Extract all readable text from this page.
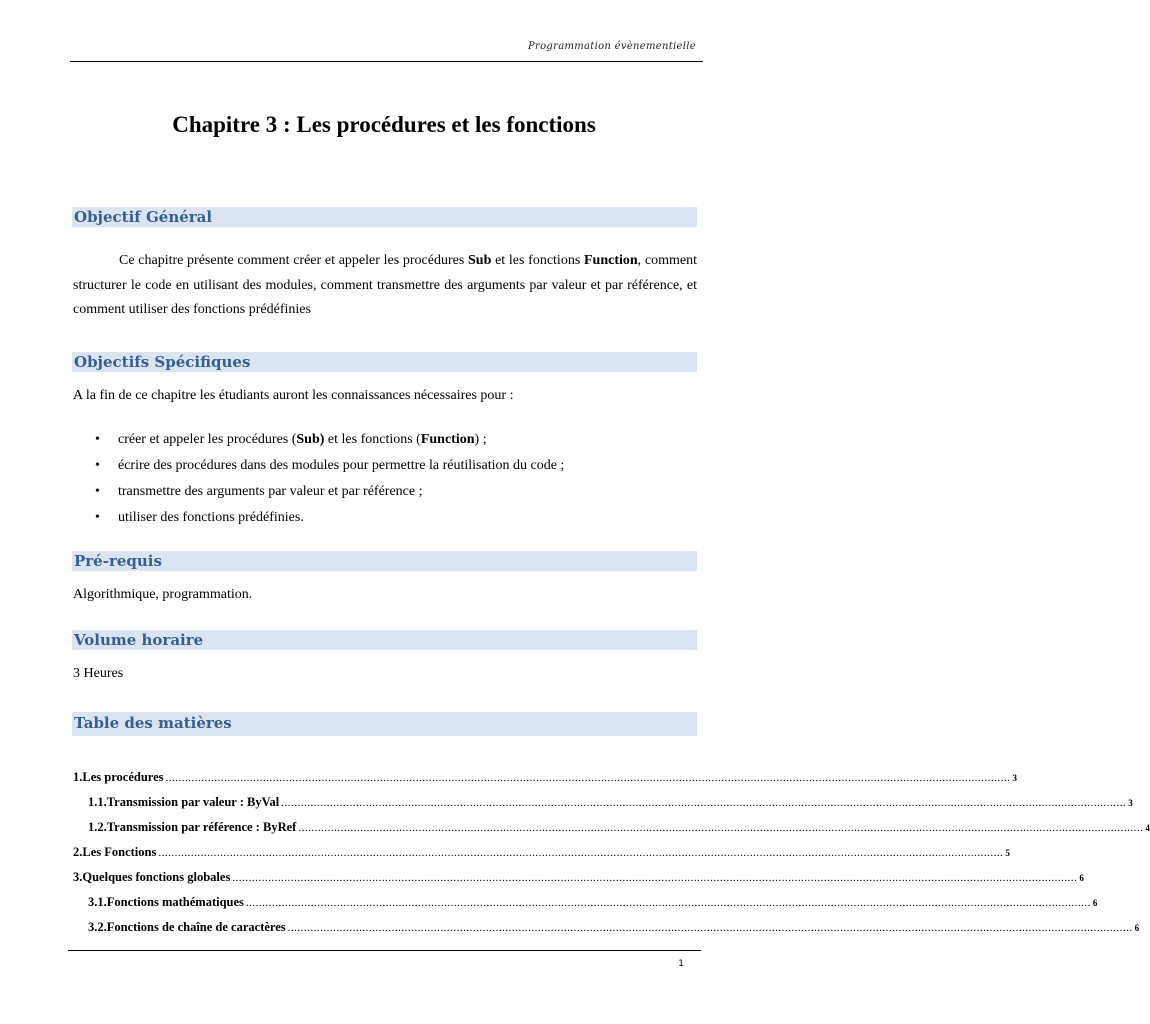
Programmation évènementielle
Chapitre 3 : Les procédures et les fonctions
Objectif Général

Ce chapitre présente comment créer et appeler les procédures Sub et les fonctions Function, comment structurer le code en utilisant des modules, comment transmettre des arguments par valeur et par référence, et comment utiliser des fonctions prédéfinies

Objectifs Spécifiques

A la fin de ce chapitre les étudiants auront les connaissances nécessaires pour :

• créer et appeler les procédures (Sub) et les fonctions (Function) ;
• écrire des procédures dans des modules pour permettre la réutilisation du code ;
• transmettre des arguments par valeur et par référence ;
• utiliser des fonctions prédéfinies.
Pré-requis

Algorithmique, programmation.

Volume horaire

3 Heures

Table des matières
1. Les procédures .................................................................................................................................................................................................................................................................... 3
1.1. Transmission par valeur : ByVal .................................................................................................................................................................................................................................................................... 3
1.2. Transmission par référence : ByRef .................................................................................................................................................................................................................................................................... 4
2. Les Fonctions .................................................................................................................................................................................................................................................................... 5
3. Quelques fonctions globales .................................................................................................................................................................................................................................................................... 6
3.1. Fonctions mathématiques .................................................................................................................................................................................................................................................................... 6
3.2. Fonctions de chaîne de caractères .................................................................................................................................................................................................................................................................... 6
1
